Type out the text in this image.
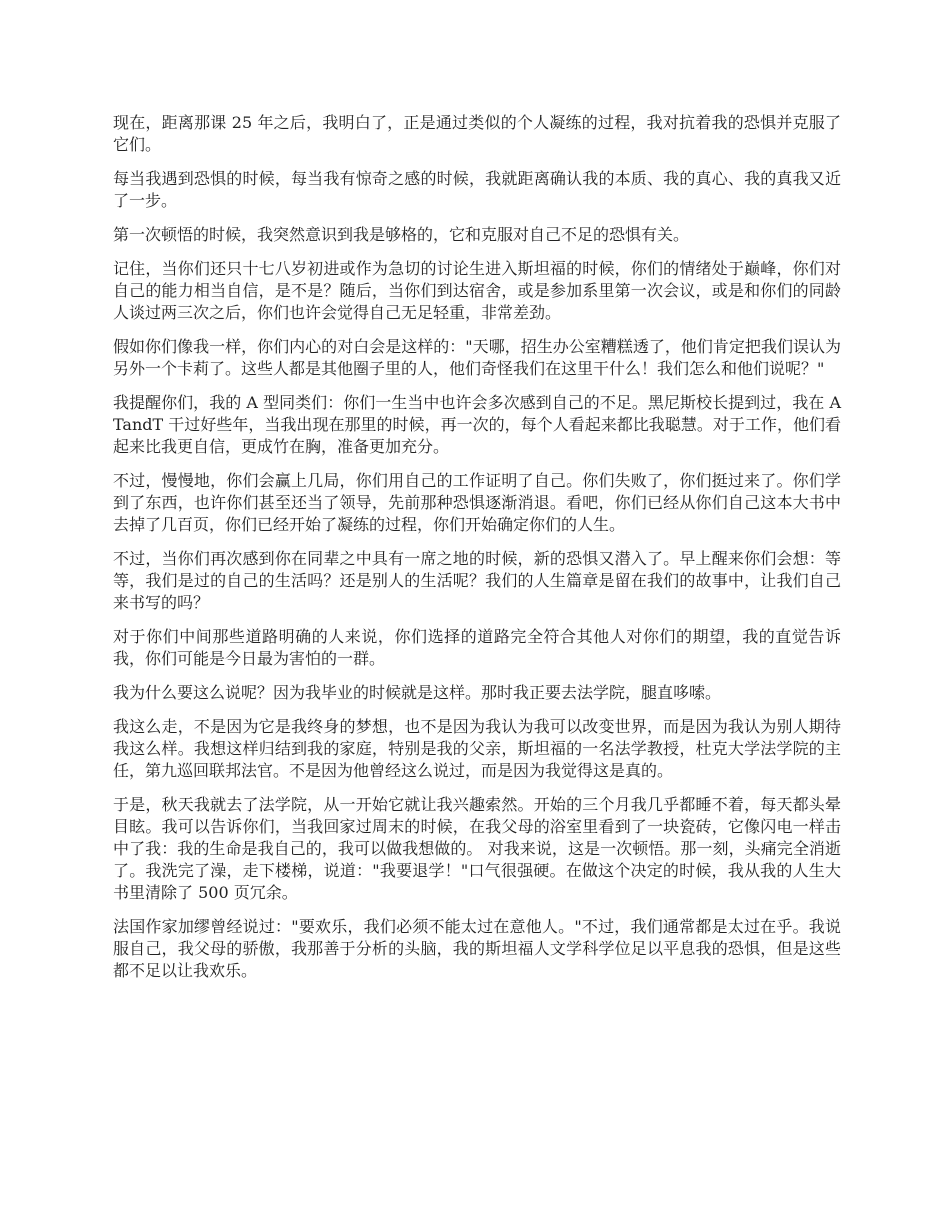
现在，距离那课 25 年之后，我明白了，正是通过类似的个人凝练的过程，我对抗着我的恐惧并克服了它们。

每当我遇到恐惧的时候，每当我有惊奇之感的时候，我就距离确认我的本质、我的真心、我的真我又近了一步。

第一次顿悟的时候，我突然意识到我是够格的，它和克服对自己不足的恐惧有关。

记住，当你们还只十七八岁初进或作为急切的讨论生进入斯坦福的时候，你们的情绪处于巅峰，你们对自己的能力相当自信，是不是？随后，当你们到达宿舍，或是参加系里第一次会议，或是和你们的同龄人谈过两三次之后，你们也许会觉得自己无足轻重，非常差劲。

假如你们像我一样，你们内心的对白会是这样的："天哪，招生办公室糟糕透了，他们肯定把我们误认为另外一个卡莉了。这些人都是其他圈子里的人，他们奇怪我们在这里干什么！我们怎么和他们说呢？"

我提醒你们，我的 A 型同类们：你们一生当中也许会多次感到自己的不足。黑尼斯校长提到过，我在 ATandT 干过好些年，当我出现在那里的时候，再一次的，每个人看起来都比我聪慧。对于工作，他们看起来比我更自信，更成竹在胸，准备更加充分。

不过，慢慢地，你们会赢上几局，你们用自己的工作证明了自己。你们失败了，你们挺过来了。你们学到了东西，也许你们甚至还当了领导，先前那种恐惧逐渐消退。看吧，你们已经从你们自己这本大书中去掉了几百页，你们已经开始了凝练的过程，你们开始确定你们的人生。

不过，当你们再次感到你在同辈之中具有一席之地的时候，新的恐惧又潜入了。早上醒来你们会想：等等，我们是过的自己的生活吗？还是别人的生活呢？我们的人生篇章是留在我们的故事中，让我们自己来书写的吗？

对于你们中间那些道路明确的人来说，你们选择的道路完全符合其他人对你们的期望，我的直觉告诉我，你们可能是今日最为害怕的一群。

我为什么要这么说呢？因为我毕业的时候就是这样。那时我正要去法学院，腿直哆嗦。

我这么走，不是因为它是我终身的梦想，也不是因为我认为我可以改变世界，而是因为我认为别人期待我这么样。我想这样归结到我的家庭，特别是我的父亲，斯坦福的一名法学教授，杜克大学法学院的主任，第九巡回联邦法官。不是因为他曾经这么说过，而是因为我觉得这是真的。

于是，秋天我就去了法学院，从一开始它就让我兴趣索然。开始的三个月我几乎都睡不着，每天都头晕目眩。我可以告诉你们，当我回家过周末的时候，在我父母的浴室里看到了一块瓷砖，它像闪电一样击中了我：我的生命是我自己的，我可以做我想做的。 对我来说，这是一次顿悟。那一刻，头痛完全消逝了。我洗完了澡，走下楼梯，说道："我要退学！"口气很强硬。在做这个决定的时候，我从我的人生大书里清除了 500 页冗余。

法国作家加缪曾经说过："要欢乐，我们必须不能太过在意他人。"不过，我们通常都是太过在乎。我说服自己，我父母的骄傲，我那善于分析的头脑，我的斯坦福人文学科学位足以平息我的恐惧，但是这些都不足以让我欢乐。
